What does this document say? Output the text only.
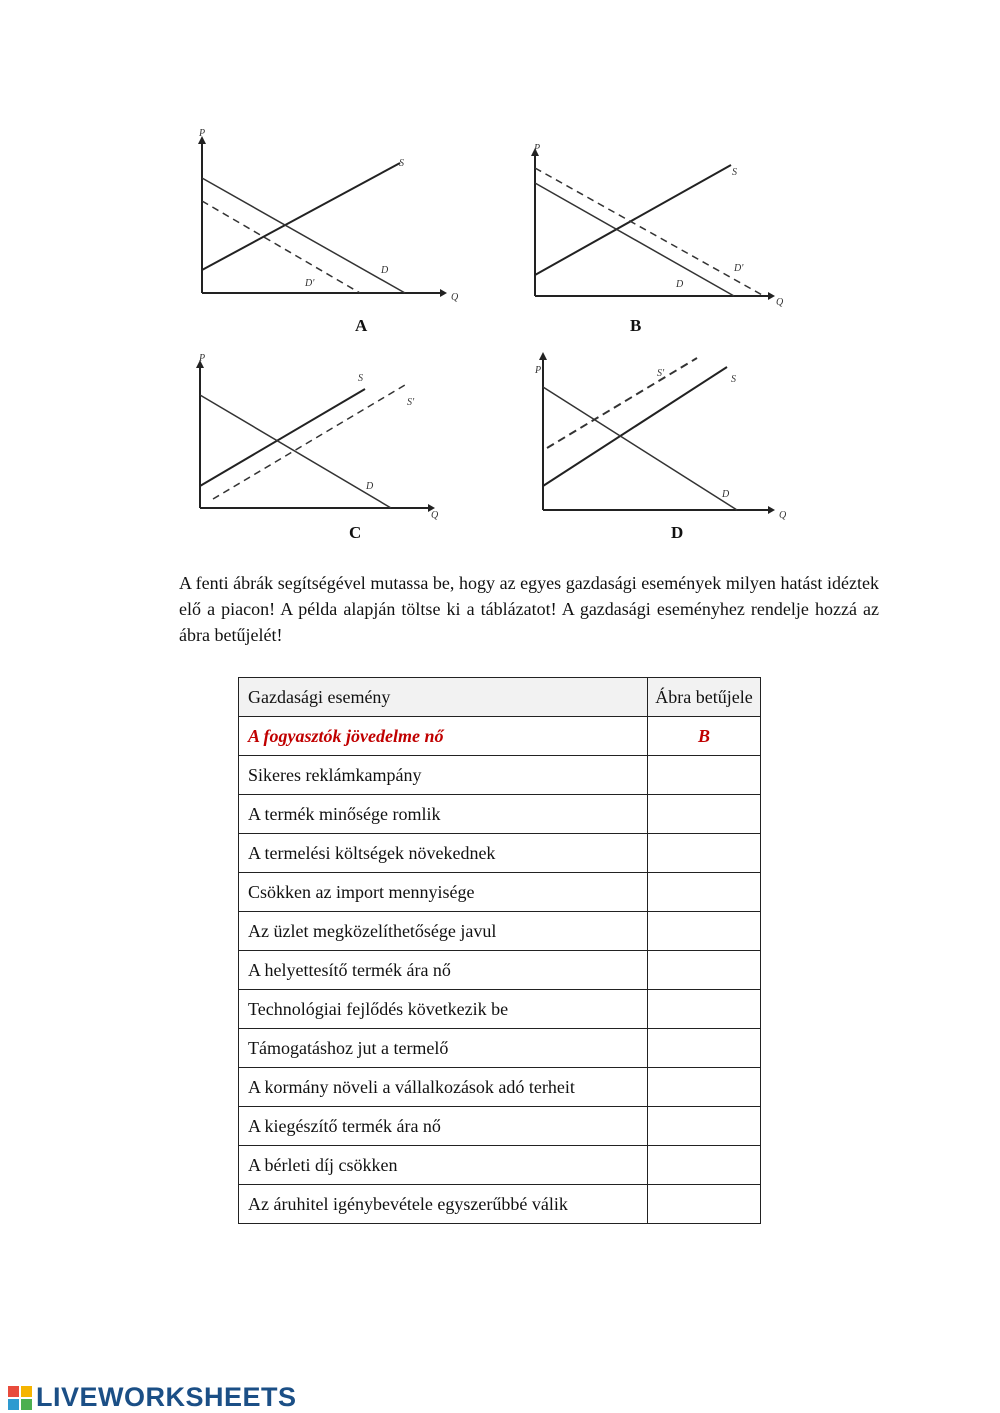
P
Q
S
D
D'
A
P
Q
S
D
D'
B
P
Q
S
S'
D
C
P
Q
S
S'
D
D

A fenti ábrák segítségével mutassa be, hogy az egyes gazdasági események milyen hatást idéztek elő a piacon! A példa alapján töltse ki a táblázatot! A gazdasági eseményhez rendelje hozzá az ábra betűjelét!

Gazdasági esemény	Ábra betűjele
A fogyasztók jövedelme nő	B
Sikeres reklámkampány	
A termék minősége romlik	
A termelési költségek növekednek	
Csökken az import mennyisége	
Az üzlet megközelíthetősége javul	
A helyettesítő termék ára nő	
Technológiai fejlődés következik be	
Támogatáshoz jut a termelő	
A kormány növeli a vállalkozások adó terheit	
A kiegészítő termék ára nő	
A bérleti díj csökken	
Az áruhitel igénybevétele egyszerűbbé válik	
LIVEWORKSHEETS
